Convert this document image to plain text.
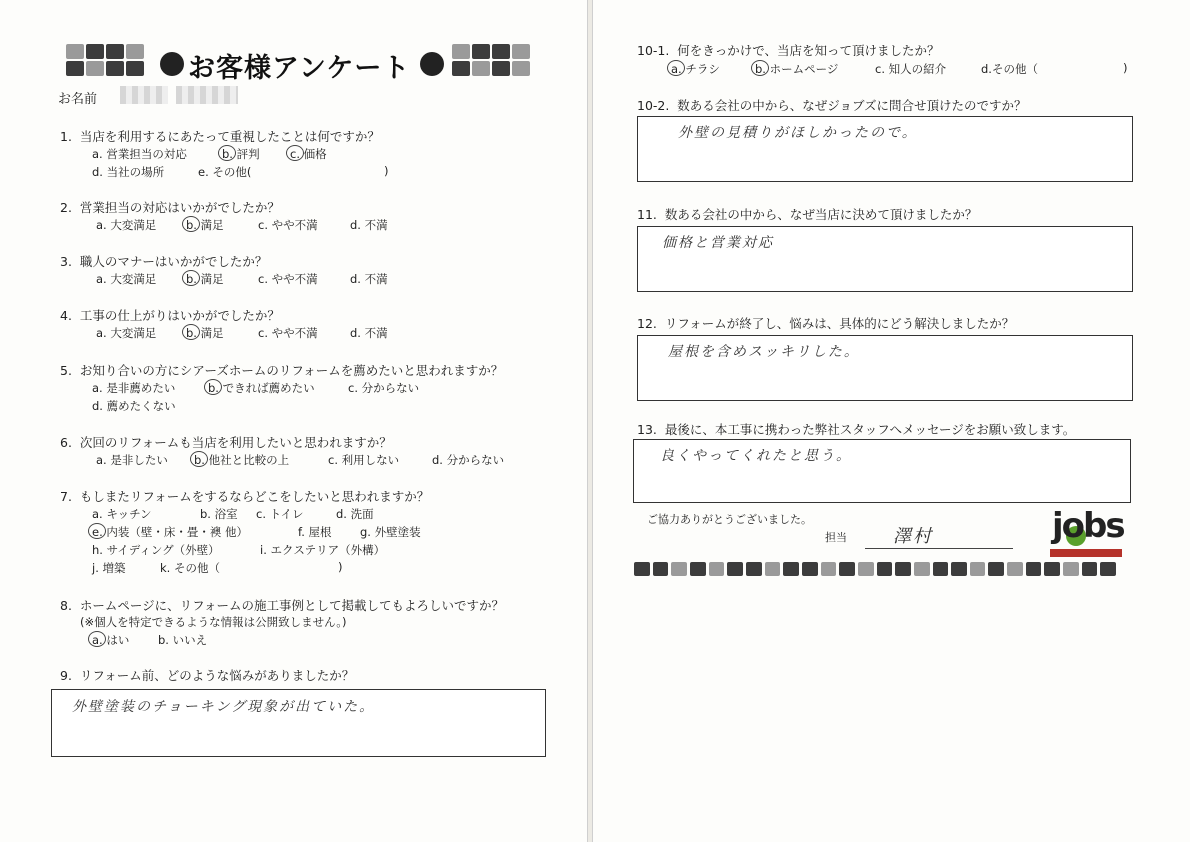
お客様アンケート
お名前
1. 当店を利用するにあたって重視したことは何ですか？
a. 営業担当の対応	b. 評判	c. 価格
d. 当社の場所	e. その他(	)
2. 営業担当の対応はいかがでしたか？
a. 大変満足	b. 満足	c. やや不満	d. 不満
3. 職人のマナーはいかがでしたか？
a. 大変満足	b. 満足	c. やや不満	d. 不満
4. 工事の仕上がりはいかがでしたか？
a. 大変満足	b. 満足	c. やや不満	d. 不満
5. お知り合いの方にシアーズホームのリフォームを薦めたいと思われますか？
a. 是非薦めたい	b. できれば薦めたい	c. 分からない
d. 薦めたくない
6. 次回のリフォームも当店を利用したいと思われますか？
a. 是非したい b. 他社と比較の上	c. 利用しない	d. 分からない
7. もしまたリフォームをするならどこをしたいと思われますか？
a. キッチン	b. 浴室 c. トイレ	d. 洗面
e. 内装（壁・床・畳・襖 他）	f. 屋根 g. 外壁塗装
h. サイディング（外壁）	i. エクステリア（外構）
j. 増築	k. その他（	)
8. ホームページに、リフォームの施工事例として掲載してもよろしいですか？
(※個人を特定できるような情報は公開致しません。)
a. はい b. いいえ
9. リフォーム前、どのような悩みがありましたか？
外壁塗装のチョーキング現象が出ていた。
10-1. 何をきっかけで、当店を知って頂けましたか？
a. チラシ	b. ホームページ	c. 知人の紹介	d.その他（	)
10-2. 数ある会社の中から、なぜジョブズに問合せ頂けたのですか？
外壁の見積りがほしかったので。
11. 数ある会社の中から、なぜ当店に決めて頂けましたか？
価格と営業対応
12. リフォームが終了し、悩みは、具体的にどう解決しましたか？
屋根を含めスッキリした。
13. 最後に、本工事に携わった弊社スタッフへメッセージをお願い致します。
良くやってくれたと思う。
ご協力ありがとうございました。
担当	澤村	jobs
